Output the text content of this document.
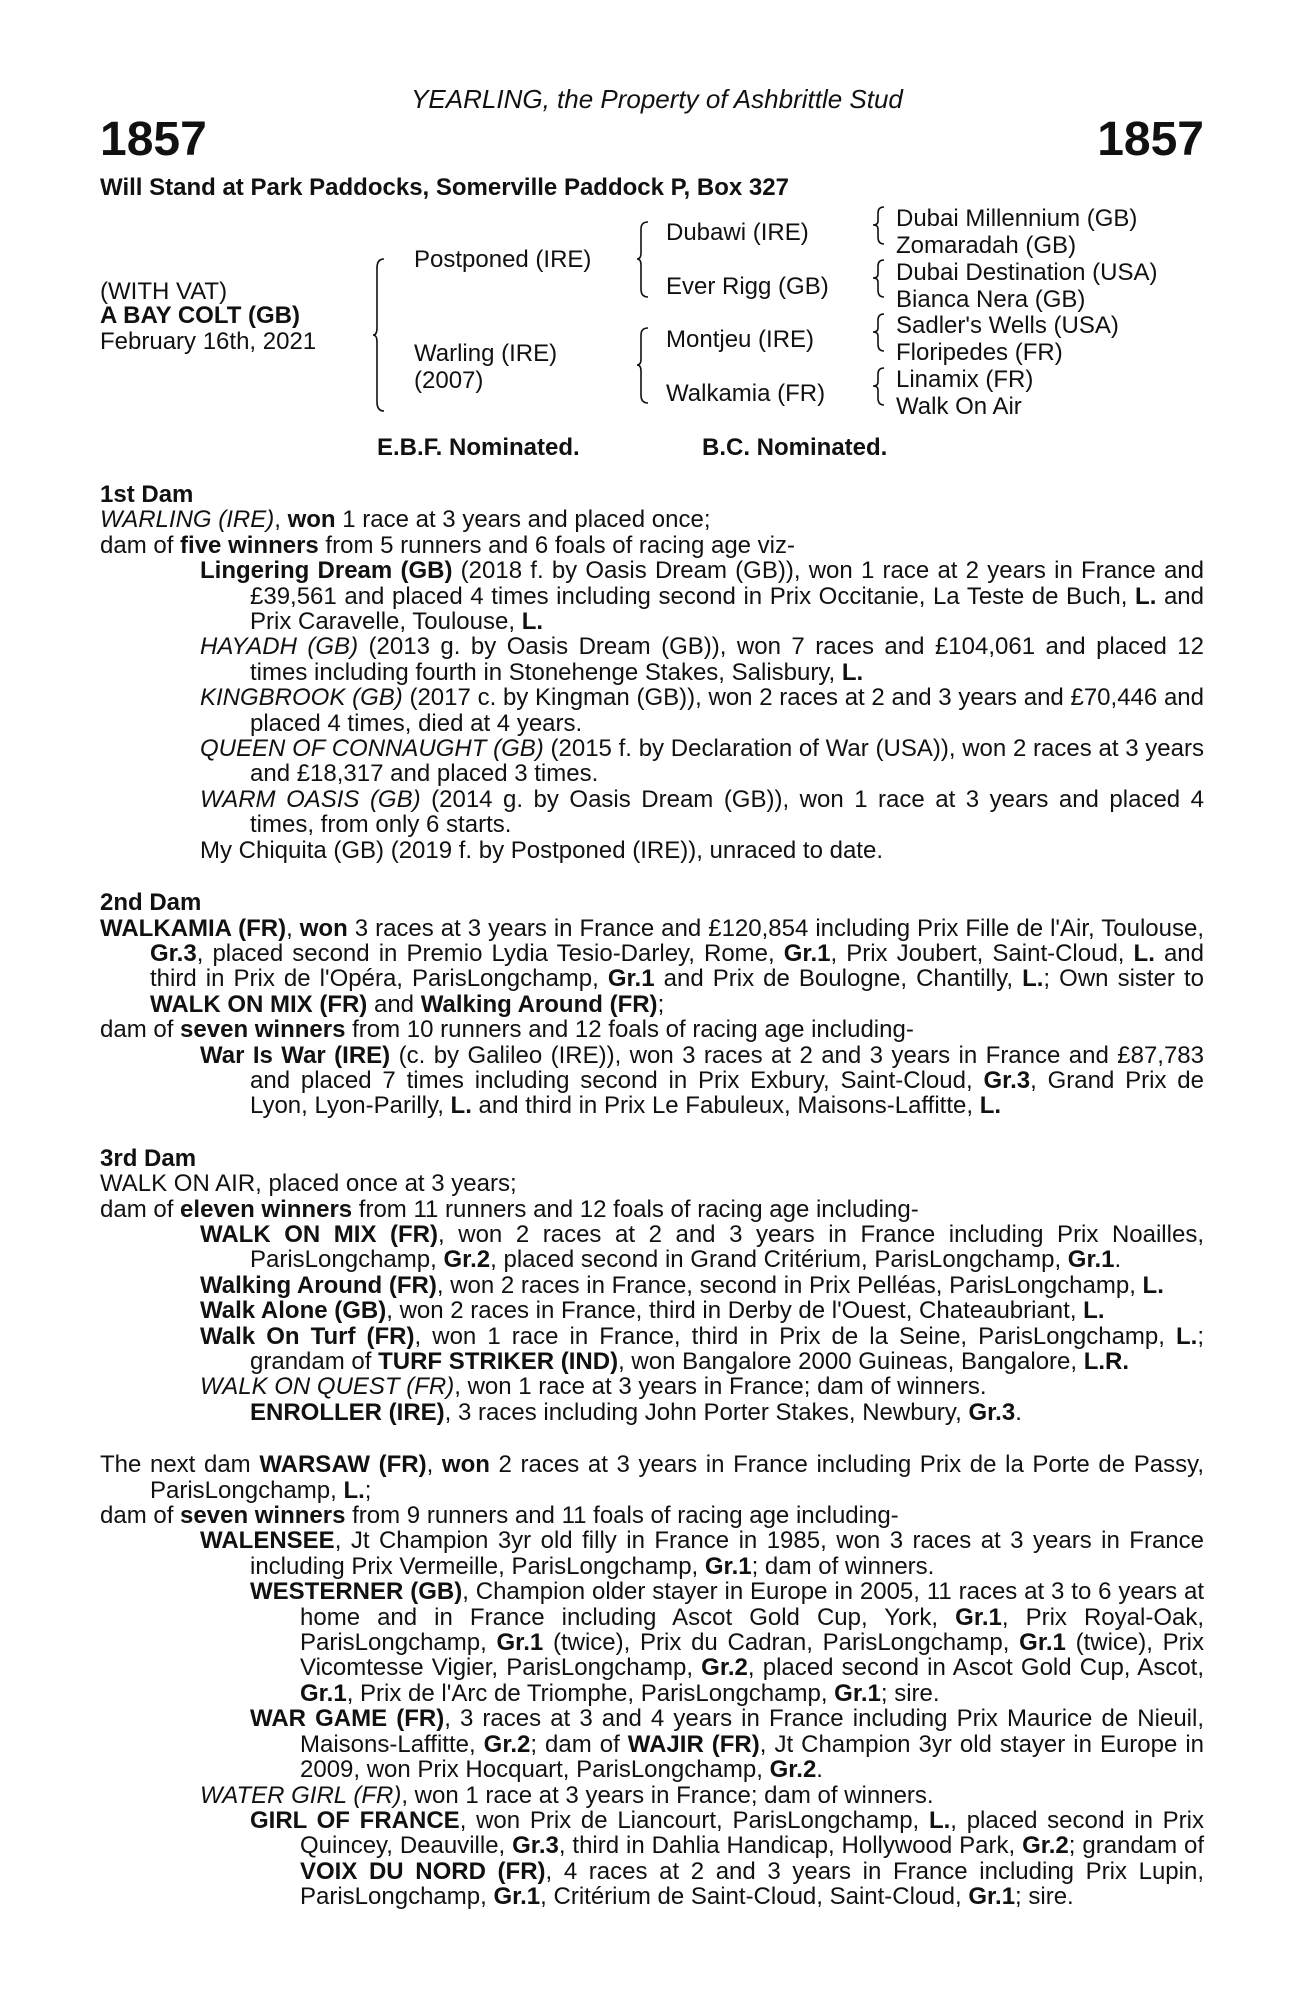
YEARLING, the Property of Ashbrittle Stud
1857	1857
Will Stand at Park Paddocks, Somerville Paddock P, Box 327
(WITH VAT)
A BAY COLT (GB)
February 16th, 2021
Postponed (IRE)
Warling (IRE)
(2007)
Dubawi (IRE)
Ever Rigg (GB)
Montjeu (IRE)
Walkamia (FR)
Dubai Millennium (GB)
Zomaradah (GB)
Dubai Destination (USA)
Bianca Nera (GB)
Sadler's Wells (USA)
Floripedes (FR)
Linamix (FR)
Walk On Air
E.B.F. Nominated.	B.C. Nominated.

1st Dam

WARLING (IRE), won 1 race at 3 years and placed once;

dam of five winners from 5 runners and 6 foals of racing age viz-

Lingering Dream (GB) (2018 f. by Oasis Dream (GB)), won 1 race at 2 years in France and £39,561 and placed 4 times including second in Prix Occitanie, La Teste de Buch, L. and Prix Caravelle, Toulouse, L.

HAYADH (GB) (2013 g. by Oasis Dream (GB)), won 7 races and £104,061 and placed 12 times including fourth in Stonehenge Stakes, Salisbury, L.

KINGBROOK (GB) (2017 c. by Kingman (GB)), won 2 races at 2 and 3 years and £70,446 and placed 4 times, died at 4 years.

QUEEN OF CONNAUGHT (GB) (2015 f. by Declaration of War (USA)), won 2 races at 3 years and £18,317 and placed 3 times.

WARM OASIS (GB) (2014 g. by Oasis Dream (GB)), won 1 race at 3 years and placed 4 times, from only 6 starts.

My Chiquita (GB) (2019 f. by Postponed (IRE)), unraced to date.

2nd Dam

WALKAMIA (FR), won 3 races at 3 years in France and £120,854 including Prix Fille de l'Air, Toulouse, Gr.3, placed second in Premio Lydia Tesio-Darley, Rome, Gr.1, Prix Joubert, Saint-Cloud, L. and third in Prix de l'Opéra, ParisLongchamp, Gr.1 and Prix de Boulogne, Chantilly, L.; Own sister to WALK ON MIX (FR) and Walking Around (FR);

dam of seven winners from 10 runners and 12 foals of racing age including-

War Is War (IRE) (c. by Galileo (IRE)), won 3 races at 2 and 3 years in France and £87,783 and placed 7 times including second in Prix Exbury, Saint-Cloud, Gr.3, Grand Prix de Lyon, Lyon-Parilly, L. and third in Prix Le Fabuleux, Maisons-Laffitte, L.

3rd Dam

WALK ON AIR, placed once at 3 years;

dam of eleven winners from 11 runners and 12 foals of racing age including-

WALK ON MIX (FR), won 2 races at 2 and 3 years in France including Prix Noailles, ParisLongchamp, Gr.2, placed second in Grand Critérium, ParisLongchamp, Gr.1.

Walking Around (FR), won 2 races in France, second in Prix Pelléas, ParisLongchamp, L.

Walk Alone (GB), won 2 races in France, third in Derby de l'Ouest, Chateaubriant, L.

Walk On Turf (FR), won 1 race in France, third in Prix de la Seine, ParisLongchamp, L.; grandam of TURF STRIKER (IND), won Bangalore 2000 Guineas, Bangalore, L.R.

WALK ON QUEST (FR), won 1 race at 3 years in France; dam of winners.

ENROLLER (IRE), 3 races including John Porter Stakes, Newbury, Gr.3.

The next dam WARSAW (FR), won 2 races at 3 years in France including Prix de la Porte de Passy, ParisLongchamp, L.;

dam of seven winners from 9 runners and 11 foals of racing age including-

WALENSEE, Jt Champion 3yr old filly in France in 1985, won 3 races at 3 years in France including Prix Vermeille, ParisLongchamp, Gr.1; dam of winners.

WESTERNER (GB), Champion older stayer in Europe in 2005, 11 races at 3 to 6 years at home and in France including Ascot Gold Cup, York, Gr.1, Prix Royal-Oak, ParisLongchamp, Gr.1 (twice), Prix du Cadran, ParisLongchamp, Gr.1 (twice), Prix Vicomtesse Vigier, ParisLongchamp, Gr.2, placed second in Ascot Gold Cup, Ascot, Gr.1, Prix de l'Arc de Triomphe, ParisLongchamp, Gr.1; sire.

WAR GAME (FR), 3 races at 3 and 4 years in France including Prix Maurice de Nieuil, Maisons-Laffitte, Gr.2; dam of WAJIR (FR), Jt Champion 3yr old stayer in Europe in 2009, won Prix Hocquart, ParisLongchamp, Gr.2.

WATER GIRL (FR), won 1 race at 3 years in France; dam of winners.

GIRL OF FRANCE, won Prix de Liancourt, ParisLongchamp, L., placed second in Prix Quincey, Deauville, Gr.3, third in Dahlia Handicap, Hollywood Park, Gr.2; grandam of VOIX DU NORD (FR), 4 races at 2 and 3 years in France including Prix Lupin, ParisLongchamp, Gr.1, Critérium de Saint-Cloud, Saint-Cloud, Gr.1; sire.
